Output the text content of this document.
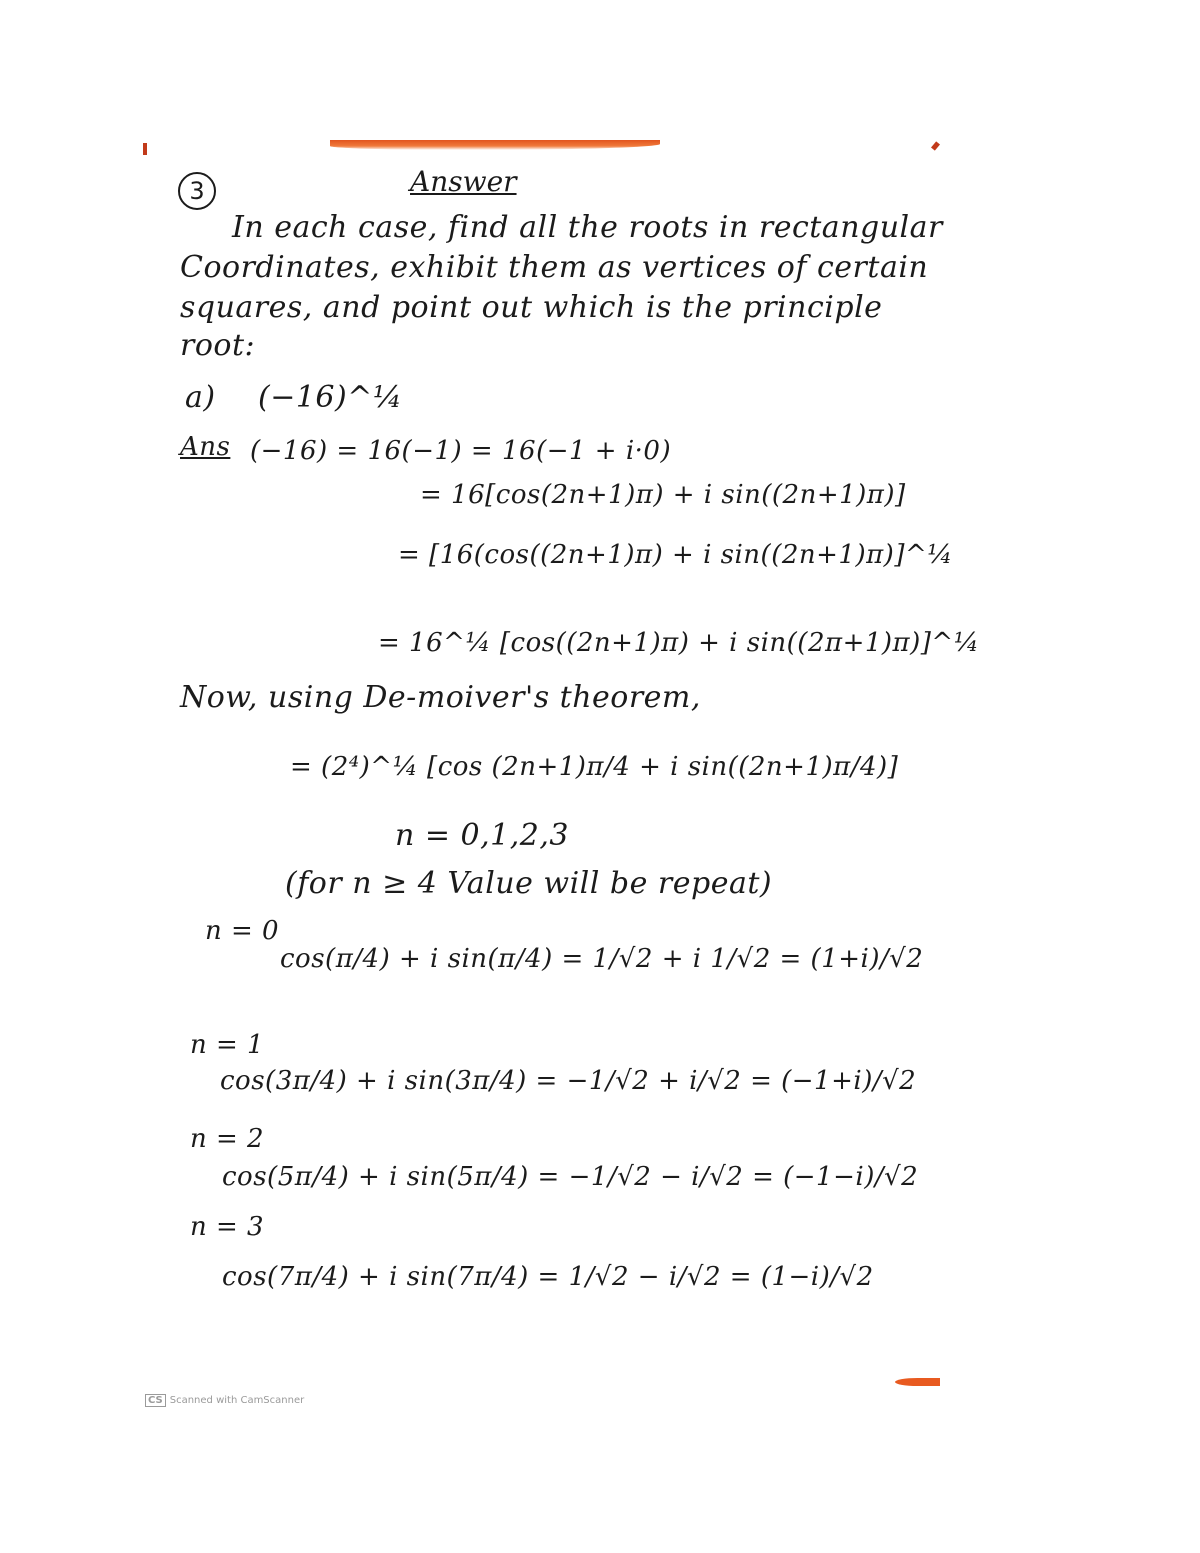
3	Answer
In each case, find all the roots in rectangular
Coordinates, exhibit them as vertices of certain
squares, and point out which is the principle
root:
a) (−16)^¼
Ans (−16) = 16(−1) = 16(−1 + i·0)
= 16[cos(2n+1)π) + i sin((2n+1)π)]
= [16(cos((2n+1)π) + i sin((2n+1)π)]^¼
= 16^¼ [cos((2n+1)π) + i sin((2π+1)π)]^¼
Now, using De-moiver's theorem,
= (2⁴)^¼ [cos (2n+1)π/4 + i sin((2n+1)π/4)]
n = 0,1,2,3
(for n ≥ 4 Value will be repeat)
n = 0
cos(π/4) + i sin(π/4) = 1/√2 + i 1/√2 = (1+i)/√2
n = 1
cos(3π/4) + i sin(3π/4) = −1/√2 + i/√2 = (−1+i)/√2
n = 2
cos(5π/4) + i sin(5π/4) = −1/√2 − i/√2 = (−1−i)/√2
n = 3
cos(7π/4) + i sin(7π/4) = 1/√2 − i/√2 = (1−i)/√2
CS Scanned with CamScanner
